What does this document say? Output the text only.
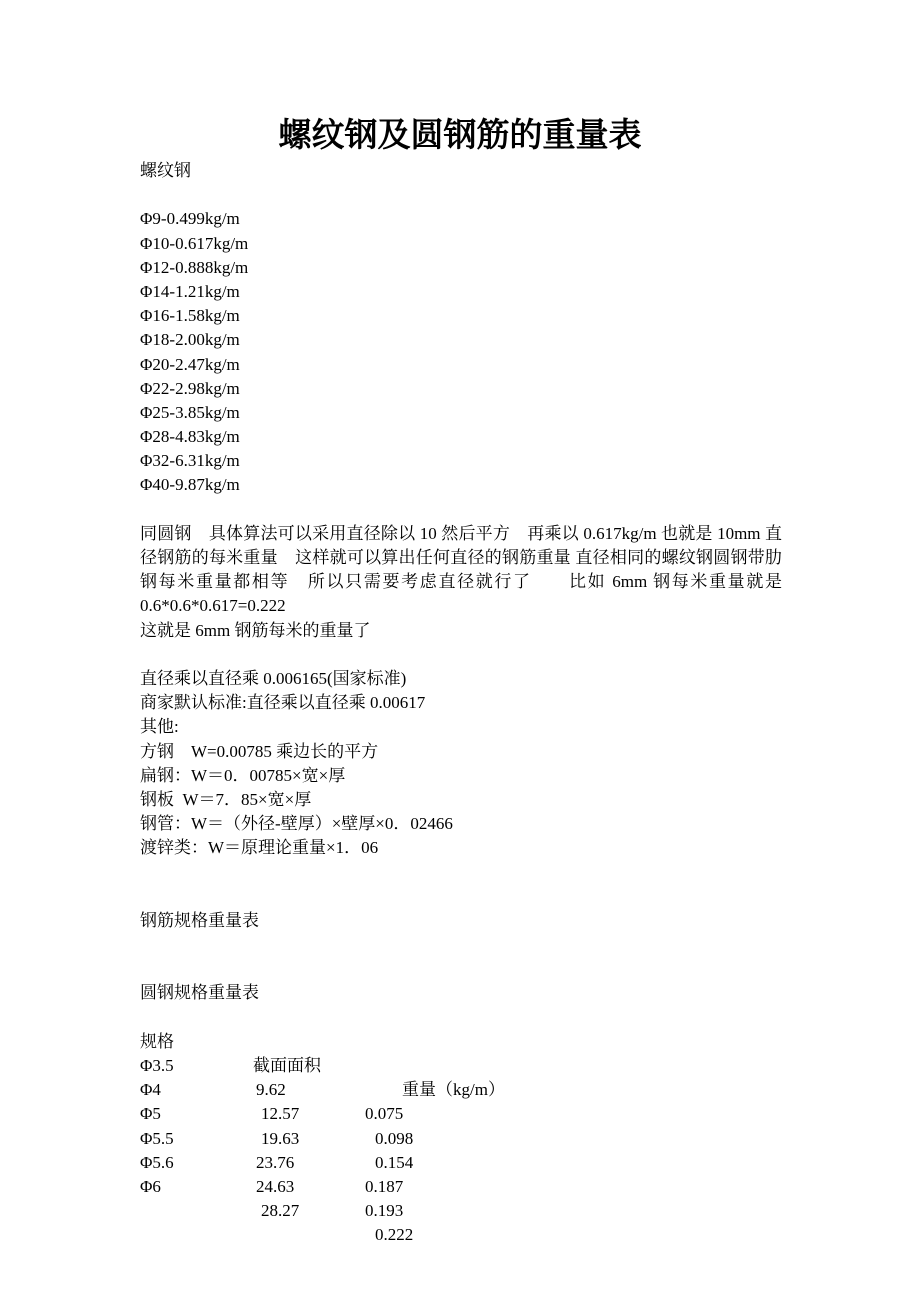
螺纹钢及圆钢筋的重量表
螺纹钢
Φ9-0.499kg/m
Φ10-0.617kg/m
Φ12-0.888kg/m
Φ14-1.21kg/m
Φ16-1.58kg/m
Φ18-2.00kg/m
Φ20-2.47kg/m
Φ22-2.98kg/m
Φ25-3.85kg/m
Φ28-4.83kg/m
Φ32-6.31kg/m
Φ40-9.87kg/m
同圆钢　具体算法可以采用直径除以 10 然后平方　再乘以 0.617kg/m 也就是 10mm 直径钢筋的每米重量　这样就可以算出任何直径的钢筋重量 直径相同的螺纹钢圆钢带肋钢每米重量都相等　所以只需要考虑直径就行了　　比如 6mm 钢每米重量就是 0.6*0.6*0.617=0.222
这就是 6mm 钢筋每米的重量了
直径乘以直径乘 0.006165(国家标准)
商家默认标准:直径乘以直径乘 0.00617
其他:
方钢　W=0.00785 乘边长的平方
扁钢：W＝0．00785×宽×厚
钢板  W＝7．85×宽×厚
钢管：W＝（外径-壁厚）×壁厚×0．02466
渡锌类：W＝原理论重量×1．06
钢筋规格重量表
圆钢规格重量表

规格

截面面积

重量（kg/m）

Φ3.5

9.62

0.075

Φ4

12.57

0.098

Φ5

19.63

0.154

Φ5.5

23.76

0.187

Φ5.6

24.63

0.193

Φ6

28.27

0.222
